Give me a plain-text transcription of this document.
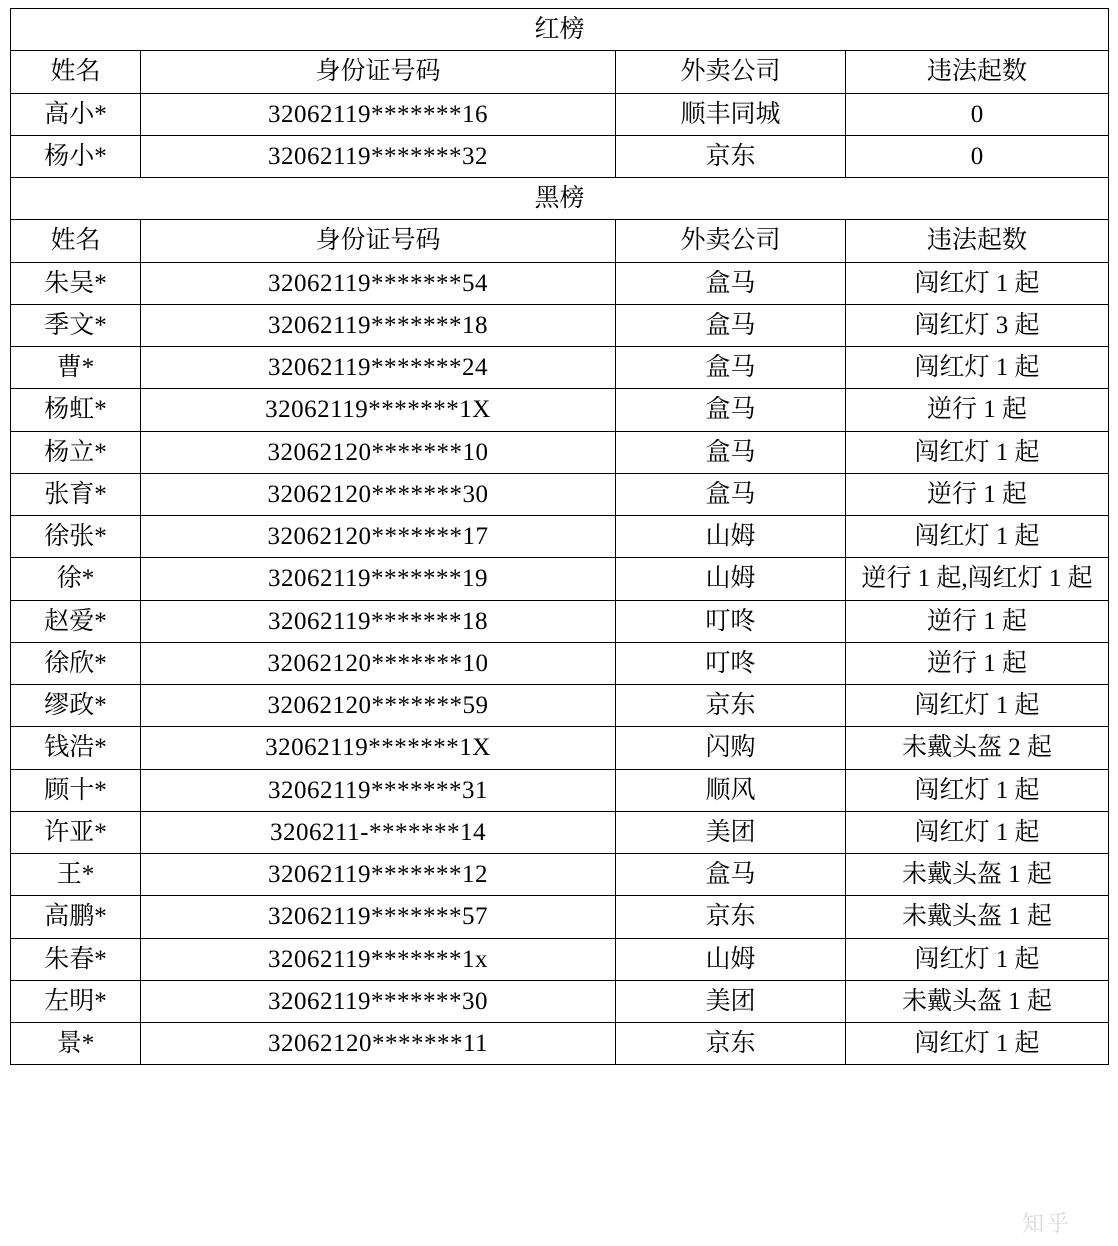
红榜			
姓名	身份证号码	外卖公司	违法起数
高小*	32062119*******16	顺丰同城	0
杨小*	32062119*******32	京东	0
黑榜			
姓名	身份证号码	外卖公司	违法起数
朱吴*	32062119*******54	盒马	闯红灯 1 起
季文*	32062119*******18	盒马	闯红灯 3 起
曹*	32062119*******24	盒马	闯红灯 1 起
杨虹*	32062119*******1X	盒马	逆行 1 起
杨立*	32062120*******10	盒马	闯红灯 1 起
张育*	32062120*******30	盒马	逆行 1 起
徐张*	32062120*******17	山姆	闯红灯 1 起
徐*	32062119*******19	山姆	逆行 1 起,闯红灯 1 起
赵爱*	32062119*******18	叮咚	逆行 1 起
徐欣*	32062120*******10	叮咚	逆行 1 起
缪政*	32062120*******59	京东	闯红灯 1 起
钱浩*	32062119*******1X	闪购	未戴头盔 2 起
顾十*	32062119*******31	顺风	闯红灯 1 起
许亚*	3206211-*******14	美团	闯红灯 1 起
王*	32062119*******12	盒马	未戴头盔 1 起
高鹏*	32062119*******57	京东	未戴头盔 1 起
朱春*	32062119*******1x	山姆	闯红灯 1 起
左明*	32062119*******30	美团	未戴头盔 1 起
景*	32062120*******11	京东	闯红灯 1 起
知乎
